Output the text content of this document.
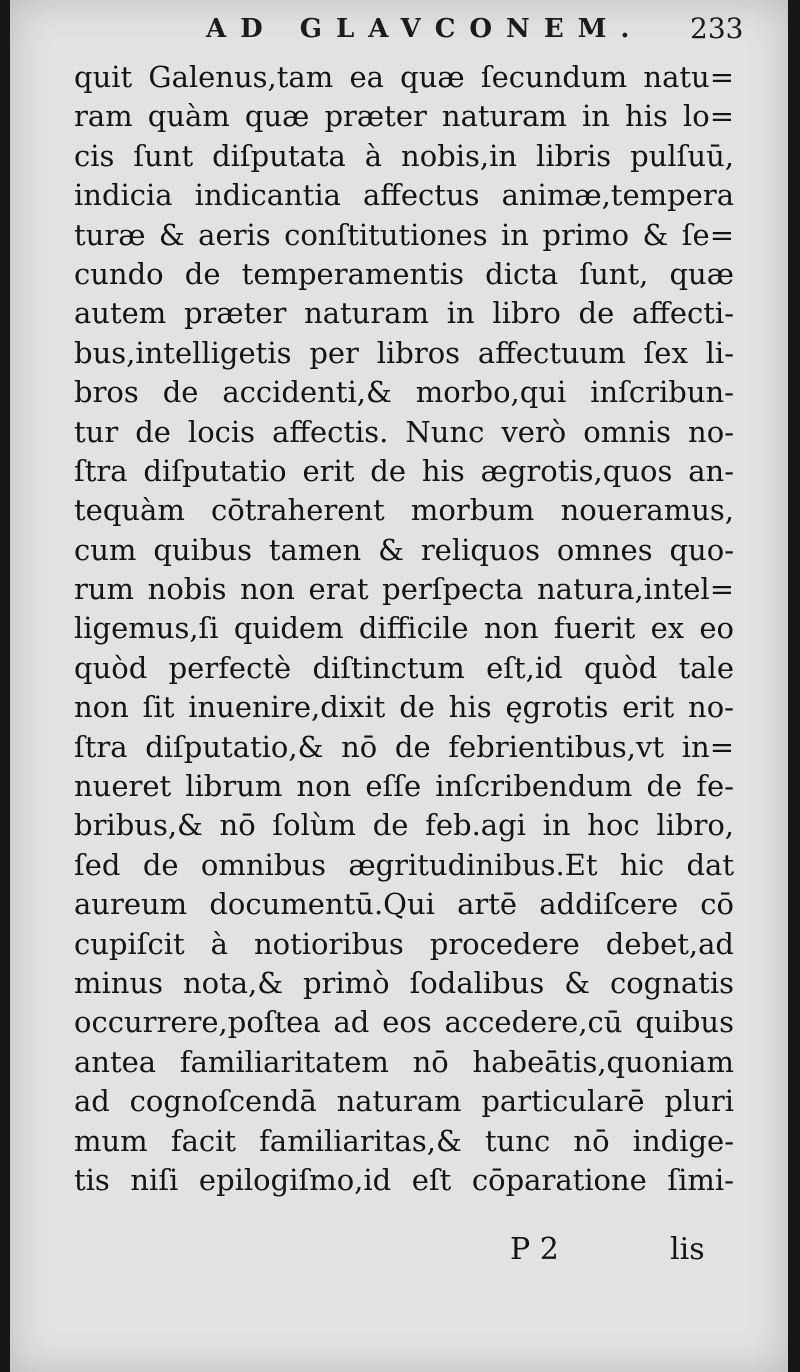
AD GLAVCONEM. 233
quit Galenus,tam ea quæ ſecundum natu=
ram quàm quæ præter naturam in his lo=
cis ſunt diſputata à nobis,in libris pulſuū,
indicia indicantia affectus animæ,tempera
turæ & aeris conſtitutiones in primo & ſe=
cundo de temperamentis dicta ſunt, quæ
autem præter naturam in libro de affecti-
bus,intelligetis per libros affectuum ſex li-
bros de accidenti,& morbo,qui inſcribun-
tur de locis affectis. Nunc verò omnis no-
ſtra diſputatio erit de his ægrotis,quos an-
tequàm cōtraherent morbum noueramus,
cum quibus tamen & reliquos omnes quo-
rum nobis non erat perſpecta natura,intel=
ligemus,ſi quidem difficile non fuerit ex eo
quòd perfectè diſtinctum eſt,id quòd tale
non ſit inuenire,dixit de his ęgrotis erit no-
ſtra diſputatio,& nō de febrientibus,vt in=
nueret librum non eſſe inſcribendum de fe-
bribus,& nō ſolùm de feb.agi in hoc libro,
ſed de omnibus ægritudinibus.Et hic dat
aureum documentū.Qui artē addiſcere cō
cupiſcit à notioribus procedere debet,ad
minus nota,& primò ſodalibus & cognatis
occurrere,poſtea ad eos accedere,cū quibus
antea familiaritatem nō habeātis,quoniam
ad cognoſcendā naturam particularē pluri
mum facit familiaritas,& tunc nō indige-
tis niſi epilogiſmo,id eſt cōparatione ſimi-
P 2	lis
